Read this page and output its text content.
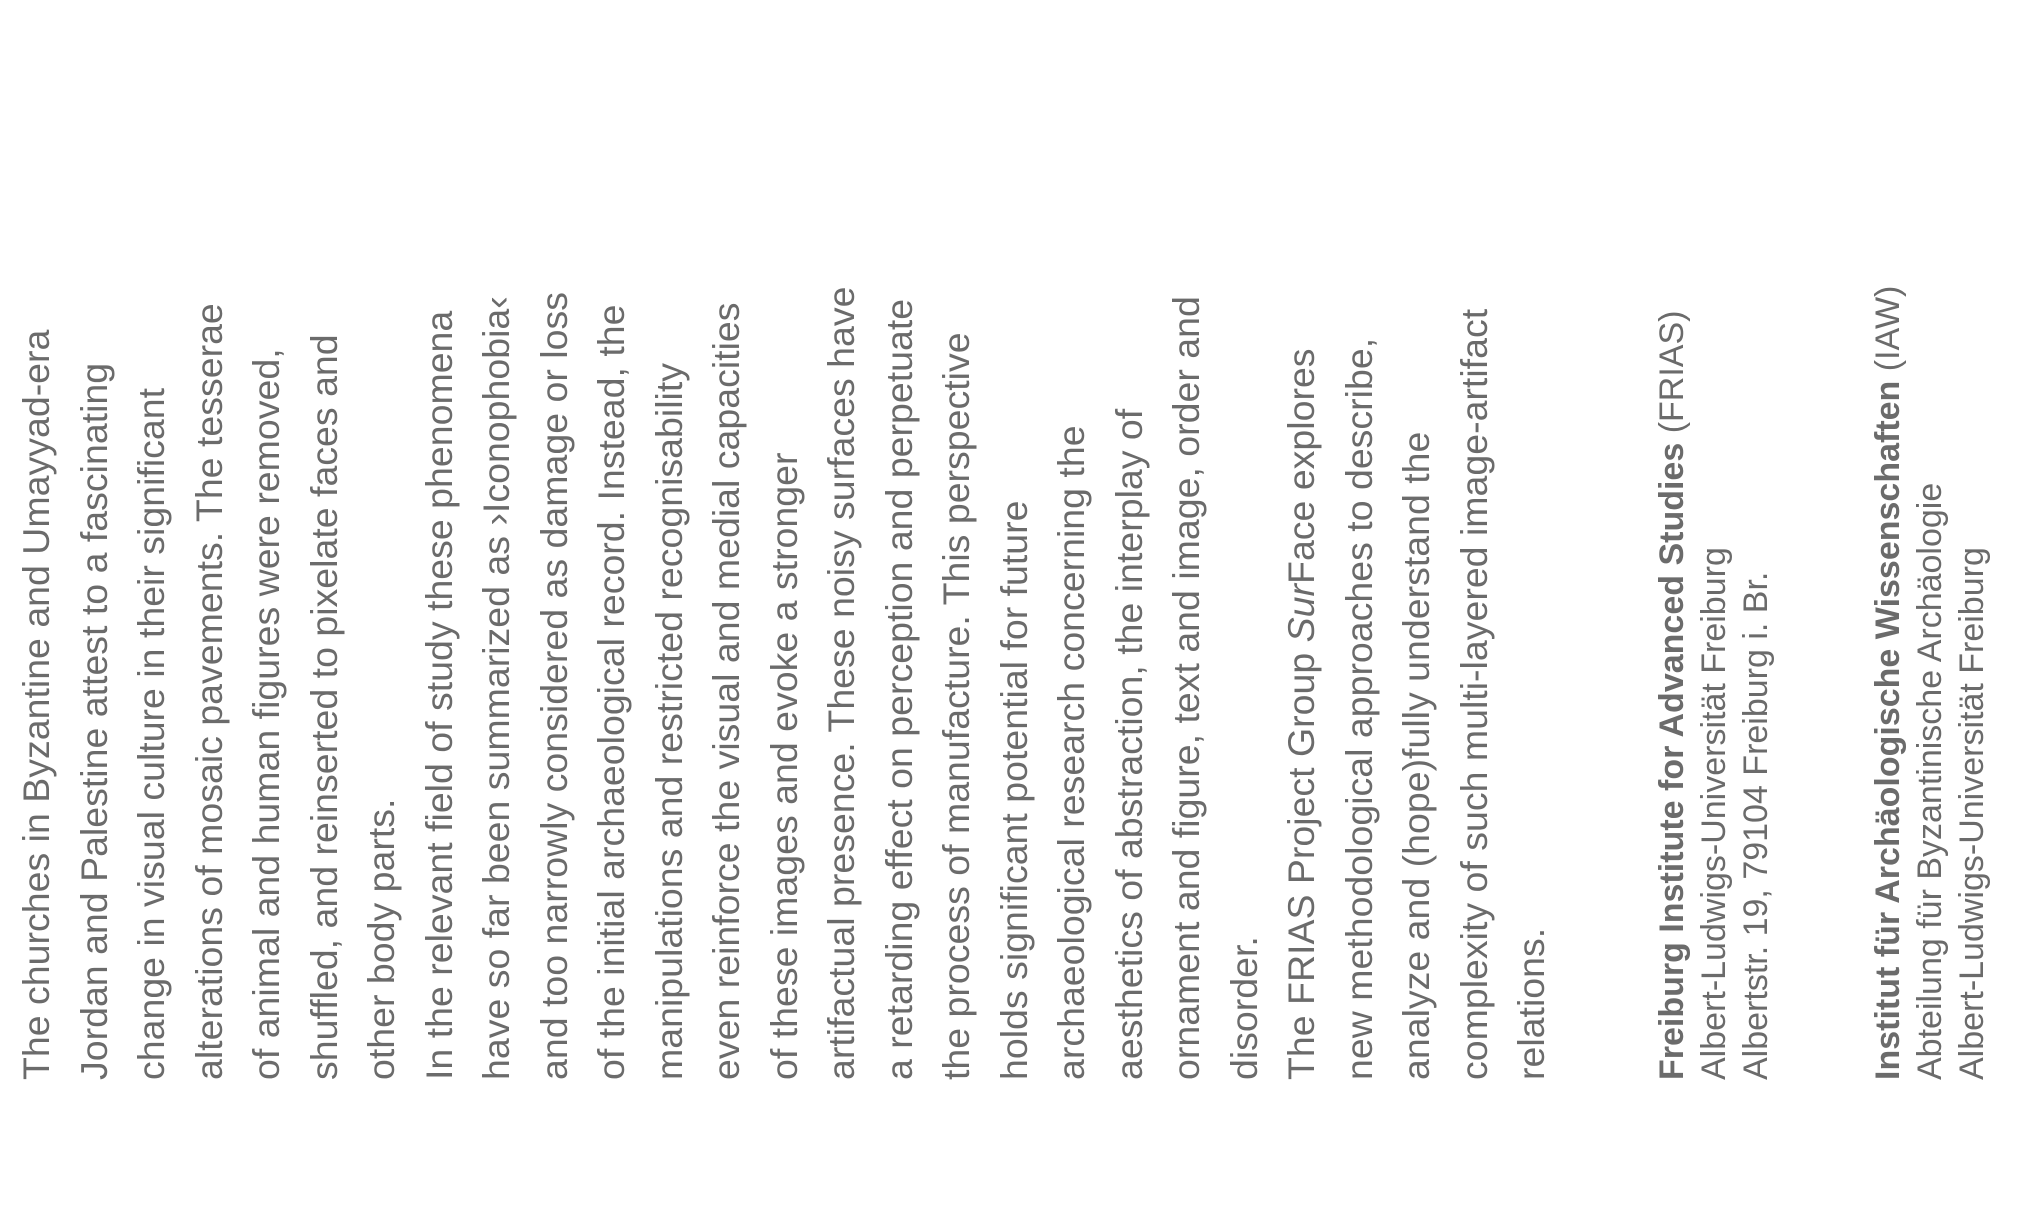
The churches in Byzantine and Umayyad-era Jordan and Palestine attest to a fascinating change in visual culture in their significant alterations of mosaic pavements. The tesserae of animal and human figures were removed, shuffled, and reinserted to pixelate faces and other body parts. In the relevant field of study these phenomena have so far been summarized as ›Iconophobia‹ and too narrowly considered as damage or loss of the initial archaeological record. Instead, the manipulations and restricted recognisability even reinforce the visual and medial capacities of these images and evoke a stronger artifactual presence. These noisy surfaces have a retarding effect on perception and perpetuate the process of manufacture. This perspective holds significant potential for future archaeological research concerning the aesthetics of abstraction, the interplay of ornament and figure, text and image, order and disorder. The FRIAS Project Group SurFace explores new methodological approaches to describe, analyze and (hope)fully understand the complexity of such multi-layered image-artifact relations.	Freiburg Institute for Advanced Studies (FRIAS)
Albert-Ludwigs-Universität Freiburg Albertstr. 19, 79104 Freiburg i. Br.	Institut für Archäologische Wissenschaften (IAW)
Abteilung für Byzantinische Archäologie Albert-Ludwigs-Universität Freiburg
